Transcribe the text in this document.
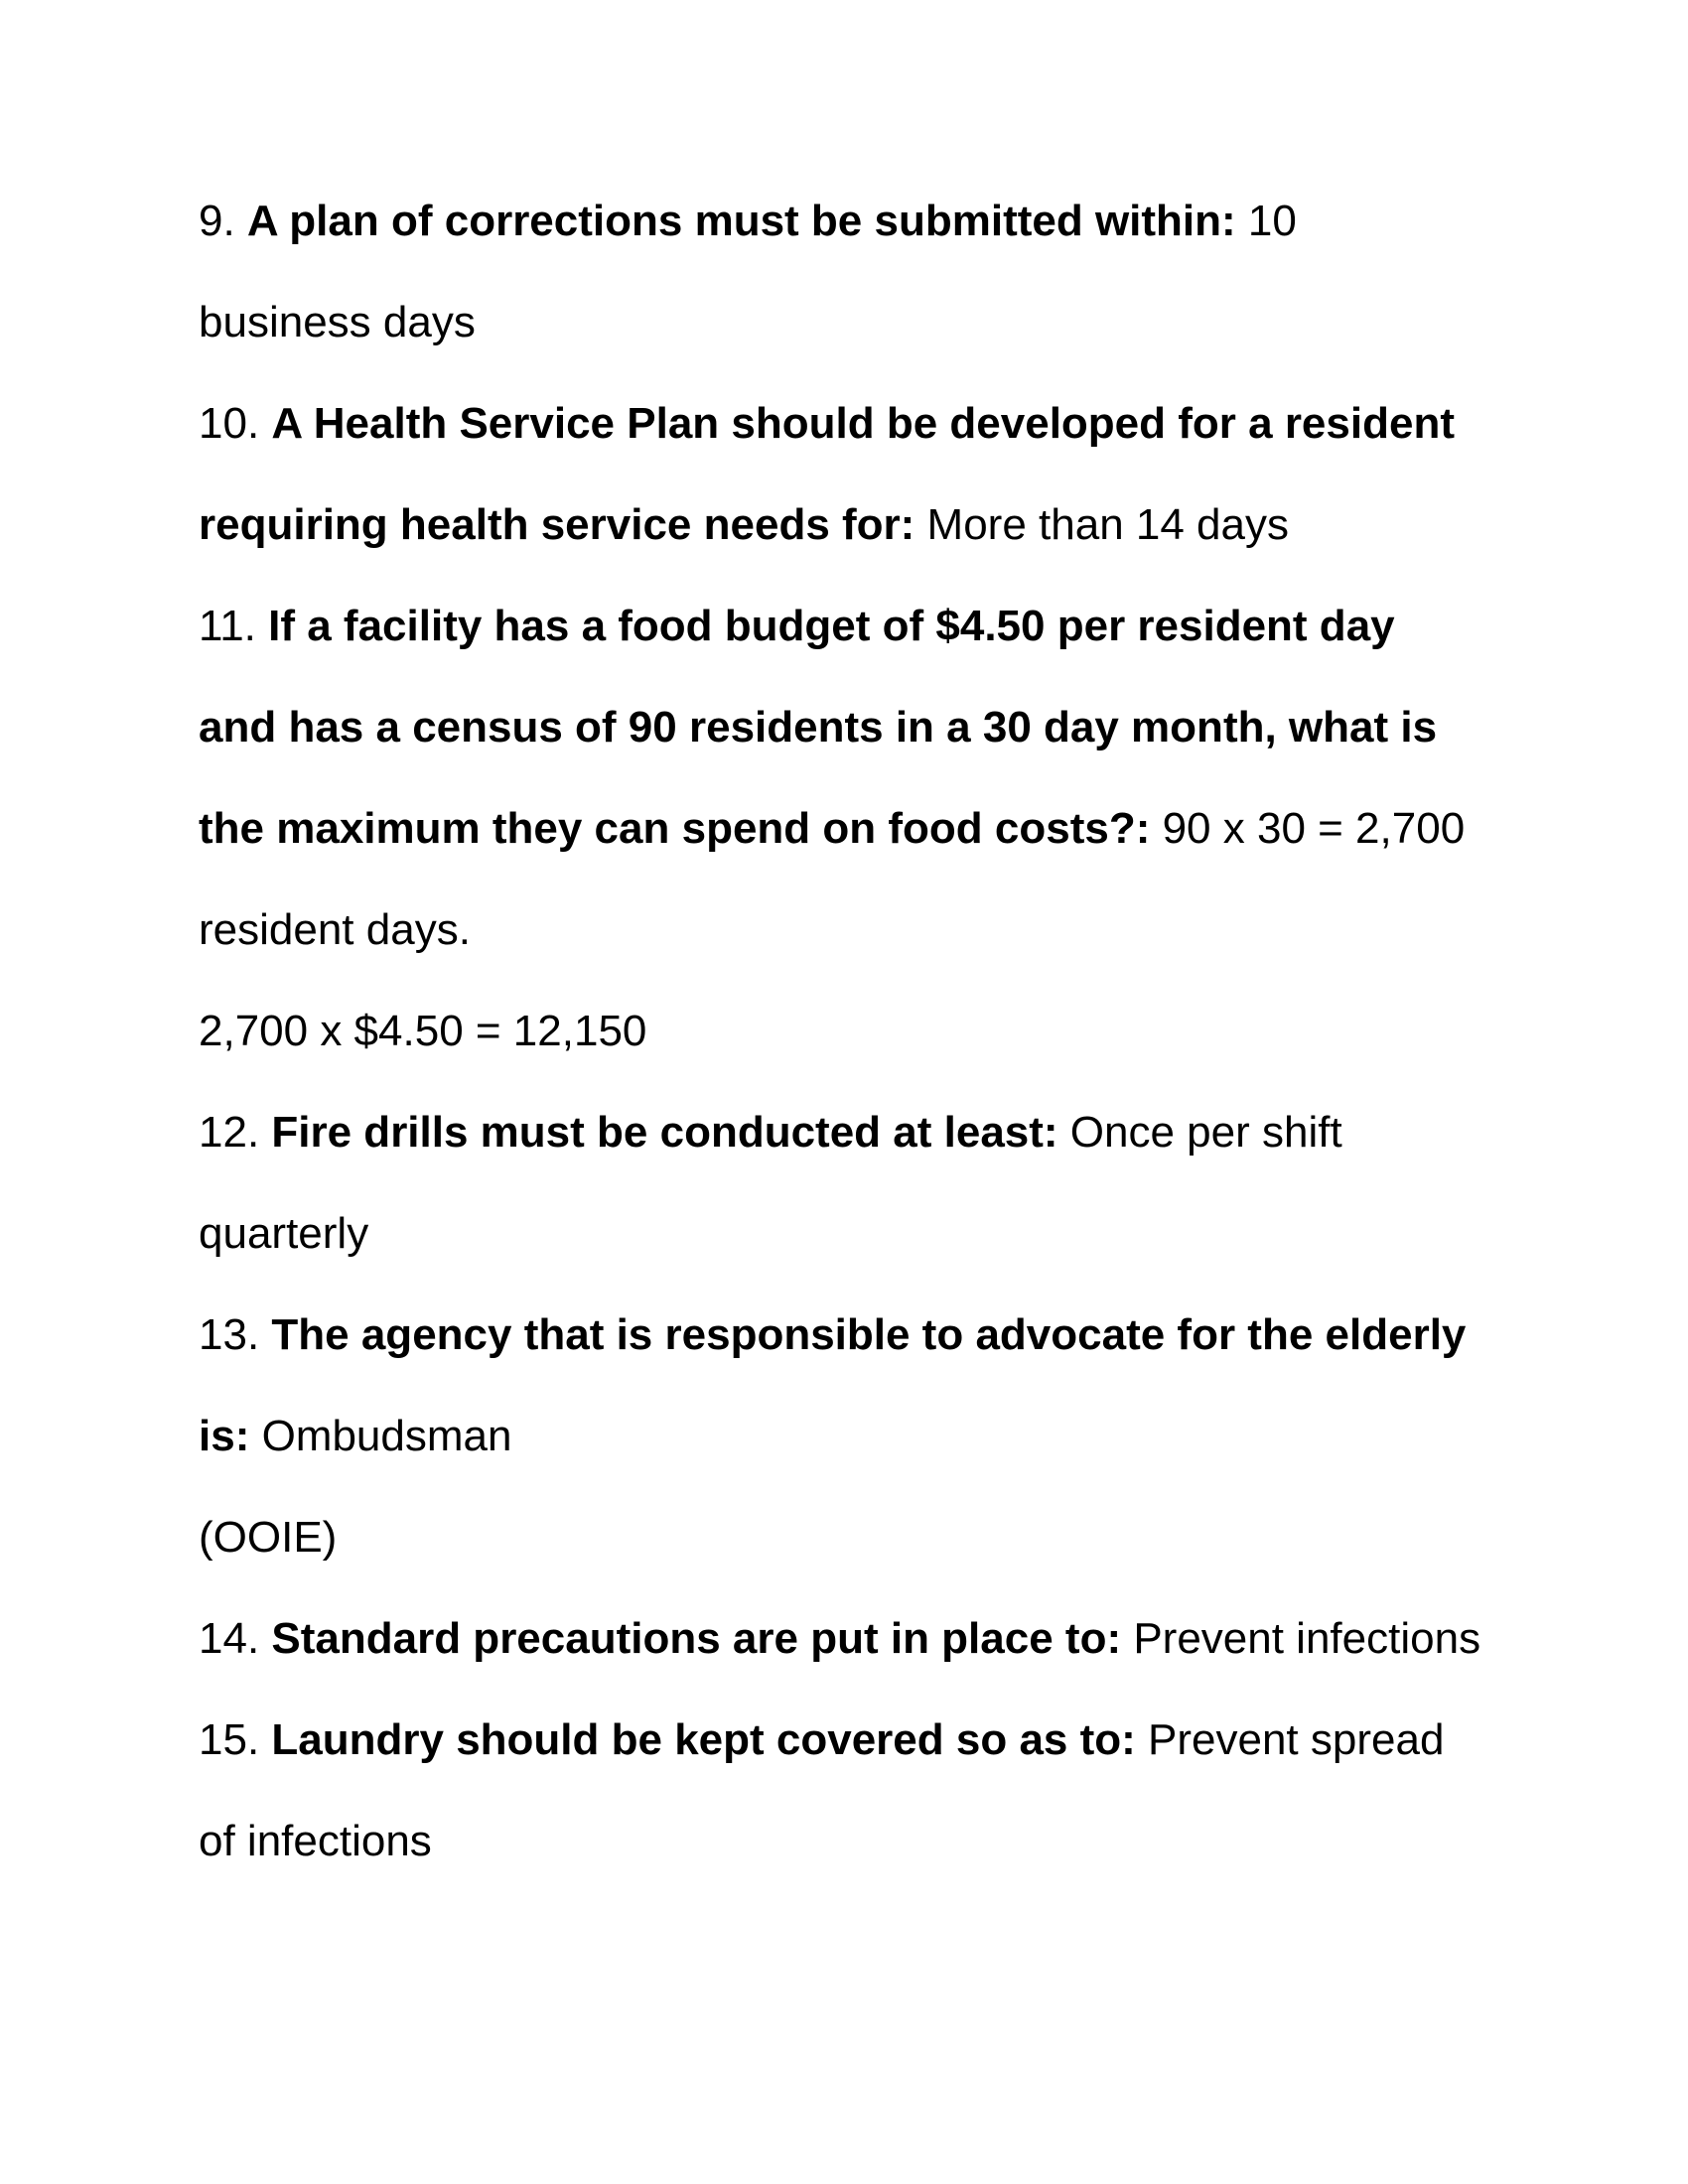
9. A plan of corrections must be submitted within: 10
business days
10. A Health Service Plan should be developed for a resident
requiring health service needs for: More than 14 days
11. If a facility has a food budget of $4.50 per resident day
and has a census of 90 residents in a 30 day month, what is
the maximum they can spend on food costs?: 90 x 30 = 2,700
resident days.
2,700 x $4.50 = 12,150
12. Fire drills must be conducted at least: Once per shift
quarterly
13. The agency that is responsible to advocate for the elderly
is: Ombudsman
(OOIE)
14. Standard precautions are put in place to: Prevent infections
15. Laundry should be kept covered so as to: Prevent spread
of infections
